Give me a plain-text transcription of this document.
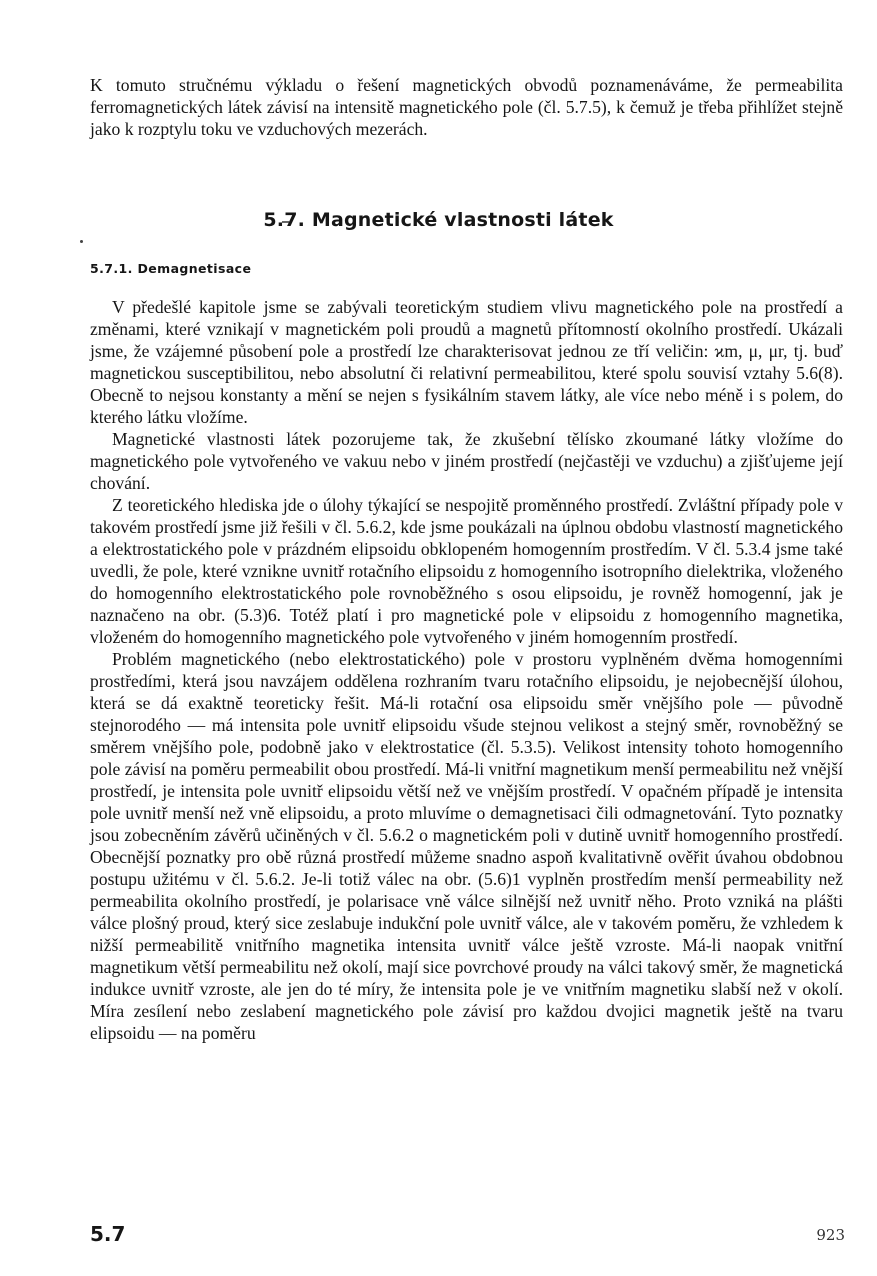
K tomuto stručnému výkladu o řešení magnetických obvodů poznamenáváme, že permeabilita ferromagnetických látek závisí na intensitě magnetického pole (čl. 5.7.5), k čemuž je třeba přihlížet stejně jako k rozptylu toku ve vzduchových mezerách.

5.7. Magnetické vlastnosti látek
5.7.1. Demagnetisace

V předešlé kapitole jsme se zabývali teoretickým studiem vlivu magnetického pole na prostředí a změnami, které vznikají v magnetickém poli proudů a magnetů přítomností okolního prostředí. Ukázali jsme, že vzájemné působení pole a prostředí lze charakterisovat jednou ze tří veličin: ϰm, μ, μr, tj. buď magnetickou susceptibilitou, nebo absolutní či relativní permeabilitou, které spolu souvisí vztahy 5.6(8). Obecně to nejsou konstanty a mění se nejen s fysikálním stavem látky, ale více nebo méně i s polem, do kterého látku vložíme.

Magnetické vlastnosti látek pozorujeme tak, že zkušební tělísko zkoumané látky vložíme do magnetického pole vytvořeného ve vakuu nebo v jiném prostředí (nejčastěji ve vzduchu) a zjišťujeme její chování.

Z teoretického hlediska jde o úlohy týkající se nespojitě proměnného prostředí. Zvláštní případy pole v takovém prostředí jsme již řešili v čl. 5.6.2, kde jsme poukázali na úplnou obdobu vlastností magnetického a elektrostatického pole v prázdném elipsoidu obklopeném homogenním prostředím. V čl. 5.3.4 jsme také uvedli, že pole, které vznikne uvnitř rotačního elipsoidu z homogenního isotropního dielektrika, vloženého do homogenního elektrostatického pole rovnoběžného s osou elipsoidu, je rovněž homogenní, jak je naznačeno na obr. (5.3)6. Totéž platí i pro magnetické pole v elipsoidu z homogenního magnetika, vloženém do homogenního magnetického pole vytvořeného v jiném homogenním prostředí.

Problém magnetického (nebo elektrostatického) pole v prostoru vyplněném dvěma homogenními prostředími, která jsou navzájem oddělena rozhraním tvaru rotačního elipsoidu, je nejobecnější úlohou, která se dá exaktně teoreticky řešit. Má-li rotační osa elipsoidu směr vnějšího pole — původně stejnorodého — má intensita pole uvnitř elipsoidu všude stejnou velikost a stejný směr, rovnoběžný se směrem vnějšího pole, podobně jako v elektrostatice (čl. 5.3.5). Velikost intensity tohoto homogenního pole závisí na poměru permeabilit obou prostředí. Má-li vnitřní magnetikum menší permeabilitu než vnější prostředí, je intensita pole uvnitř elipsoidu větší než ve vnějším prostředí. V opačném případě je intensita pole uvnitř menší než vně elipsoidu, a proto mluvíme o demagnetisaci čili odmagnetování. Tyto poznatky jsou zobecněním závěrů učiněných v čl. 5.6.2 o magnetickém poli v dutině uvnitř homogenního prostředí. Obecnější poznatky pro obě různá prostředí můžeme snadno aspoň kvalitativně ověřit úvahou obdobnou postupu užitému v čl. 5.6.2. Je-li totiž válec na obr. (5.6)1 vyplněn prostředím menší permeability než permeabilita okolního prostředí, je polarisace vně válce silnější než uvnitř něho. Proto vzniká na plášti válce plošný proud, který sice zeslabuje indukční pole uvnitř válce, ale v takovém poměru, že vzhledem k nižší permeabilitě vnitřního magnetika intensita uvnitř válce ještě vzroste. Má-li naopak vnitřní magnetikum větší permeabilitu než okolí, mají sice povrchové proudy na válci takový směr, že magnetická indukce uvnitř vzroste, ale jen do té míry, že intensita pole je ve vnitřním magnetiku slabší než v okolí. Míra zesílení nebo zeslabení magnetického pole závisí pro každou dvojici magnetik ještě na tvaru elipsoidu — na poměru

5.7	923
